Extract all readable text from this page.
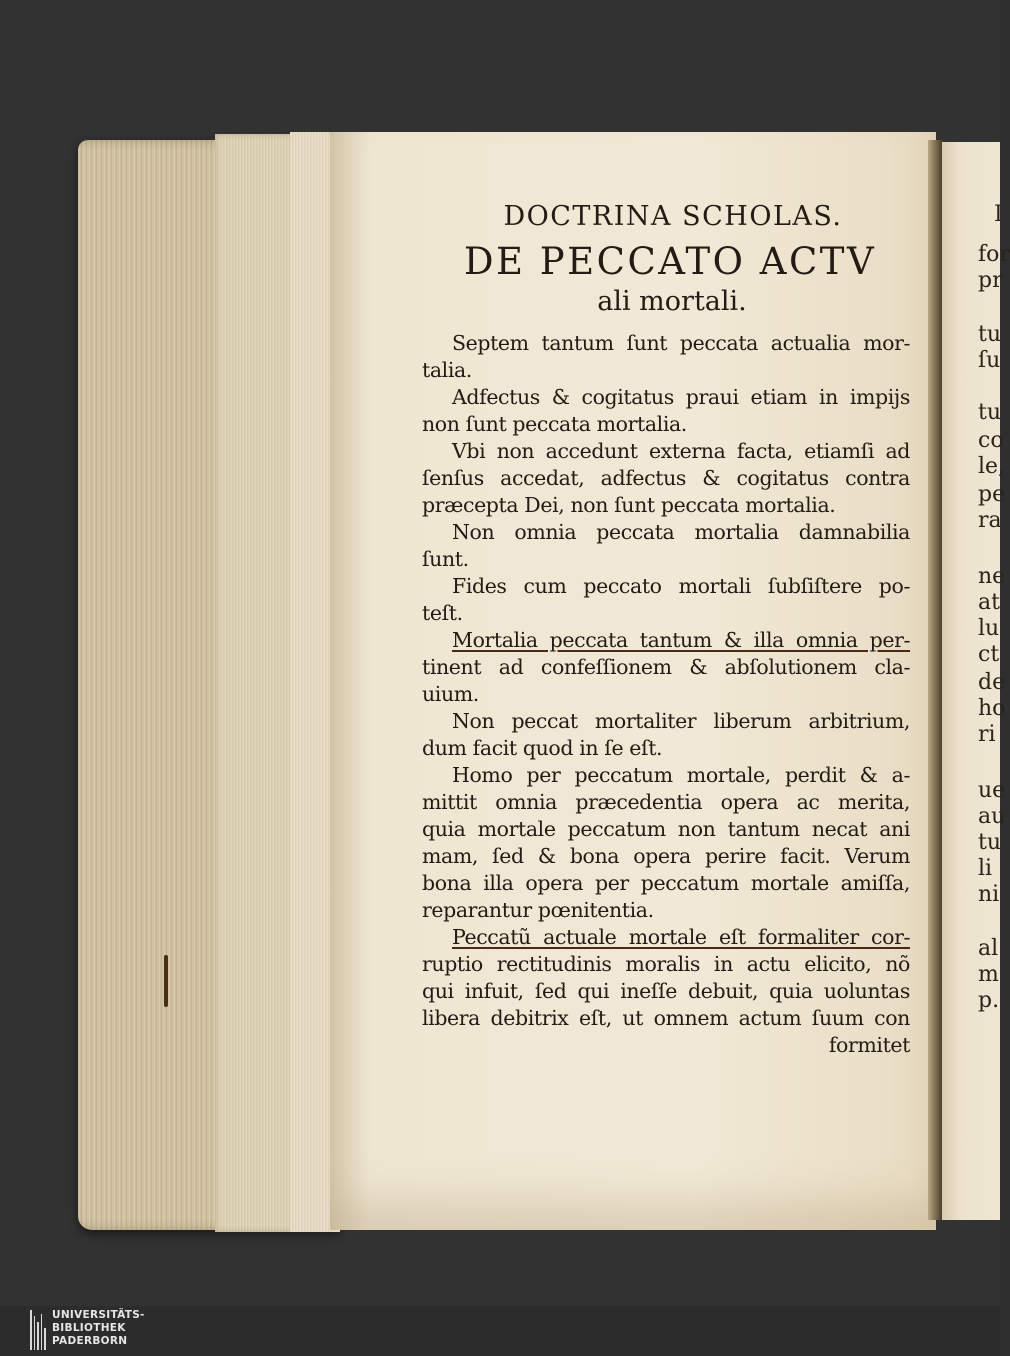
I
for
pr
tu
ſu
tu
co
le,
pe
ra
ne
at
lu
ct
de
ho
ri
ue
au
tu
li
ni
al
m
p.
DOCTRINA SCHOLAS.
DE PECCATO ACTV
ali mortali.

Septem tantum ſunt peccata actualia mor-
talia.

Adfectus & cogitatus praui etiam in impijs
non ſunt peccata mortalia.

Vbi non accedunt externa facta, etiamſi ad
ſenſus accedat, adfectus & cogitatus contra
præcepta Dei, non ſunt peccata mortalia.

Non omnia peccata mortalia damnabilia
ſunt.

Fides cum peccato mortali ſubſiſtere po-
teſt.

Mortalia peccata tantum & illa omnia per-
tinent ad confeſſionem & abſolutionem cla-
uium.

Non peccat mortaliter liberum arbitrium,
dum facit quod in ſe eſt.

Homo per peccatum mortale, perdit & a-
mittit omnia præcedentia opera ac merita,
quia mortale peccatum non tantum necat ani
mam, ſed & bona opera perire facit. Verum
bona illa opera per peccatum mortale amiſſa,
reparantur pœnitentia.

Peccatũ actuale mortale eſt formaliter cor-
ruptio rectitudinis moralis in actu elicito, nõ
qui infuit, ſed qui ineſſe debuit, quia uoluntas
libera debitrix eſt, ut omnem actum ſuum con

formitet
UNIVERSITÄTS-
BIBLIOTHEK
PADERBORN
